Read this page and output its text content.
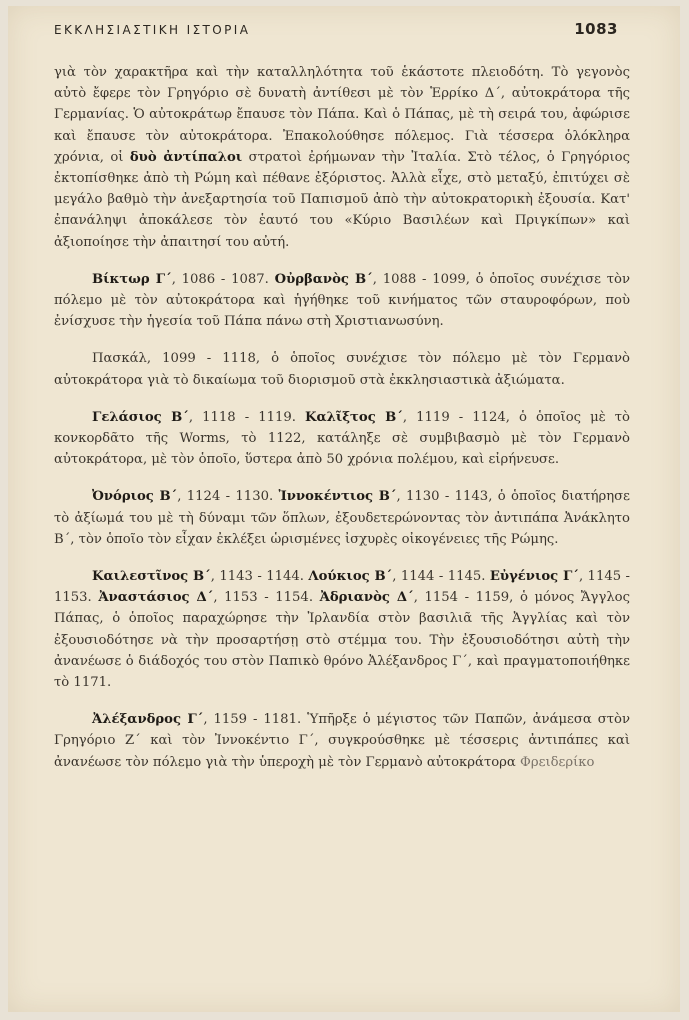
ΕΚΚΛΗΣΙΑΣΤΙΚΗ ΙΣΤΟΡΙΑ	1083

γιὰ τὸν χαρακτῆρα καὶ τὴν καταλληλότητα τοῦ ἑκάστοτε πλειοδότη. Τὸ γεγονὸς αὐτὸ ἔφερε τὸν Γρηγόριο σὲ δυνατὴ ἀντίθεσι μὲ τὸν Ἑρρίκο Δ΄, αὐτοκράτορα τῆς Γερμανίας. Ὁ αὐτοκράτωρ ἔπαυσε τὸν Πάπα. Καὶ ὁ Πάπας, μὲ τὴ σειρά του, ἀφώρισε καὶ ἔπαυσε τὸν αὐτοκράτορα. Ἐπακολούθησε πόλεμος. Γιὰ τέσσερα ὁλόκληρα χρόνια, οἱ δυὸ ἀντίπαλοι στρατοὶ ἐρήμωναν τὴν Ἰταλία. Στὸ τέλος, ὁ Γρηγόριος ἐκτοπίσθηκε ἀπὸ τὴ Ρώμη καὶ πέθανε ἐξόριστος. Ἀλλὰ εἶχε, στὸ μεταξύ, ἐπιτύχει σὲ μεγάλο βαθμὸ τὴν ἀνεξαρτησία τοῦ Παπισμοῦ ἀπὸ τὴν αὐτοκρατορικὴ ἐξουσία. Κατ' ἐπανάληψι ἀποκάλεσε τὸν ἑαυτό του «Κύριο Βασιλέων καὶ Πριγκίπων» καὶ ἀξιοποίησε τὴν ἀπαιτησί του αὐτή.

Βίκτωρ Γ΄, 1086 - 1087. Οὐρβανὸς Β΄, 1088 - 1099, ὁ ὁποῖος συνέχισε τὸν πόλεμο μὲ τὸν αὐτοκράτορα καὶ ἡγήθηκε τοῦ κινήματος τῶν σταυροφόρων, ποὺ ἐνίσχυσε τὴν ἡγεσία τοῦ Πάπα πάνω στὴ Χριστιανωσύνη.

Πασκάλ, 1099 - 1118, ὁ ὁποῖος συνέχισε τὸν πόλεμο μὲ τὸν Γερμανὸ αὐτοκράτορα γιὰ τὸ δικαίωμα τοῦ διορισμοῦ στὰ ἐκκλησιαστικὰ ἀξιώματα.

Γελάσιος Β΄, 1118 - 1119. Καλῖξτος Β΄, 1119 - 1124, ὁ ὁποῖος μὲ τὸ κονκορδᾶτο τῆς Worms, τὸ 1122, κατάληξε σὲ συμβιβασμὸ μὲ τὸν Γερμανὸ αὐτοκράτορα, μὲ τὸν ὁποῖο, ὕστερα ἀπὸ 50 χρόνια πολέμου, καὶ εἰρήνευσε.

Ὀνόριος Β΄, 1124 - 1130. Ἰννοκέντιος Β΄, 1130 - 1143, ὁ ὁποῖος διατήρησε τὸ ἀξίωμά του μὲ τὴ δύναμι τῶν ὅπλων, ἐξουδετερώνοντας τὸν ἀντιπάπα Ἀνάκλητο Β΄, τὸν ὁποῖο τὸν εἶχαν ἐκλέξει ὡρισμένες ἰσχυρὲς οἰκογένειες τῆς Ρώμης.

Καιλεστῖνος Β΄, 1143 - 1144. Λούκιος Β΄, 1144 - 1145. Εὐγένιος Γ΄, 1145 - 1153. Ἀναστάσιος Δ΄, 1153 - 1154. Ἀδριανὸς Δ΄, 1154 - 1159, ὁ μόνος Ἄγγλος Πάπας, ὁ ὁποῖος παραχώρησε τὴν Ἰρλανδία στὸν βασιλιᾶ τῆς Ἀγγλίας καὶ τὸν ἐξουσιοδότησε νὰ τὴν προσαρτήσῃ στὸ στέμμα του. Τὴν ἐξουσιοδότησι αὐτὴ τὴν ἀνανέωσε ὁ διάδοχός του στὸν Παπικὸ θρόνο Ἀλέξανδρος Γ΄, καὶ πραγματοποιήθηκε τὸ 1171.

Ἀλέξανδρος Γ΄, 1159 - 1181. Ὑπῆρξε ὁ μέγιστος τῶν Παπῶν, ἀνάμεσα στὸν Γρηγόριο Ζ΄ καὶ τὸν Ἰννοκέντιο Γ΄, συγκρούσθηκε μὲ τέσσερις ἀντιπάπες καὶ ἀνανέωσε τὸν πόλεμο γιὰ τὴν ὑπεροχὴ μὲ τὸν Γερμανὸ αὐτοκράτορα Φρειδερίκο
